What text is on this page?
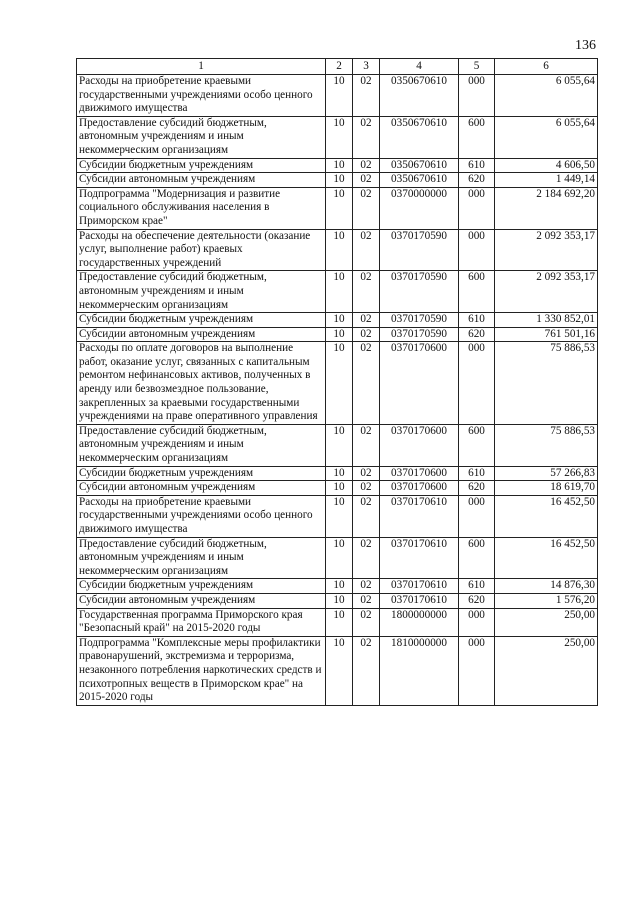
136
1	2	3	4	5	6
Расходы на приобретение краевыми государственными учреждениями особо ценного движимого имущества	10	02	0350670610	000	6 055,64
Предоставление субсидий бюджетным, автономным учреждениям и иным некоммерческим организациям	10	02	0350670610	600	6 055,64
Субсидии бюджетным учреждениям	10	02	0350670610	610	4 606,50
Субсидии автономным учреждениям	10	02	0350670610	620	1 449,14
Подпрограмма "Модернизация и развитие социального обслуживания населения в Приморском крае"	10	02	0370000000	000	2 184 692,20
Расходы на обеспечение деятельности (оказание услуг, выполнение работ) краевых государственных учреждений	10	02	0370170590	000	2 092 353,17
Предоставление субсидий бюджетным, автономным учреждениям и иным некоммерческим организациям	10	02	0370170590	600	2 092 353,17
Субсидии бюджетным учреждениям	10	02	0370170590	610	1 330 852,01
Субсидии автономным учреждениям	10	02	0370170590	620	761 501,16
Расходы по оплате договоров на выполнение работ, оказание услуг, связанных с капитальным ремонтом нефинансовых активов, полученных в аренду или безвозмездное пользование, закрепленных за краевыми государственными учреждениями на праве оперативного управления	10	02	0370170600	000	75 886,53
Предоставление субсидий бюджетным, автономным учреждениям и иным некоммерческим организациям	10	02	0370170600	600	75 886,53
Субсидии бюджетным учреждениям	10	02	0370170600	610	57 266,83
Субсидии автономным учреждениям	10	02	0370170600	620	18 619,70
Расходы на приобретение краевыми государственными учреждениями особо ценного движимого имущества	10	02	0370170610	000	16 452,50
Предоставление субсидий бюджетным, автономным учреждениям и иным некоммерческим организациям	10	02	0370170610	600	16 452,50
Субсидии бюджетным учреждениям	10	02	0370170610	610	14 876,30
Субсидии автономным учреждениям	10	02	0370170610	620	1 576,20
Государственная программа Приморского края "Безопасный край" на 2015-2020 годы	10	02	1800000000	000	250,00
Подпрограмма "Комплексные меры профилактики правонарушений, экстремизма и терроризма, незаконного потребления наркотических средств и психотропных веществ в Приморском крае" на 2015-2020 годы	10	02	1810000000	000	250,00
